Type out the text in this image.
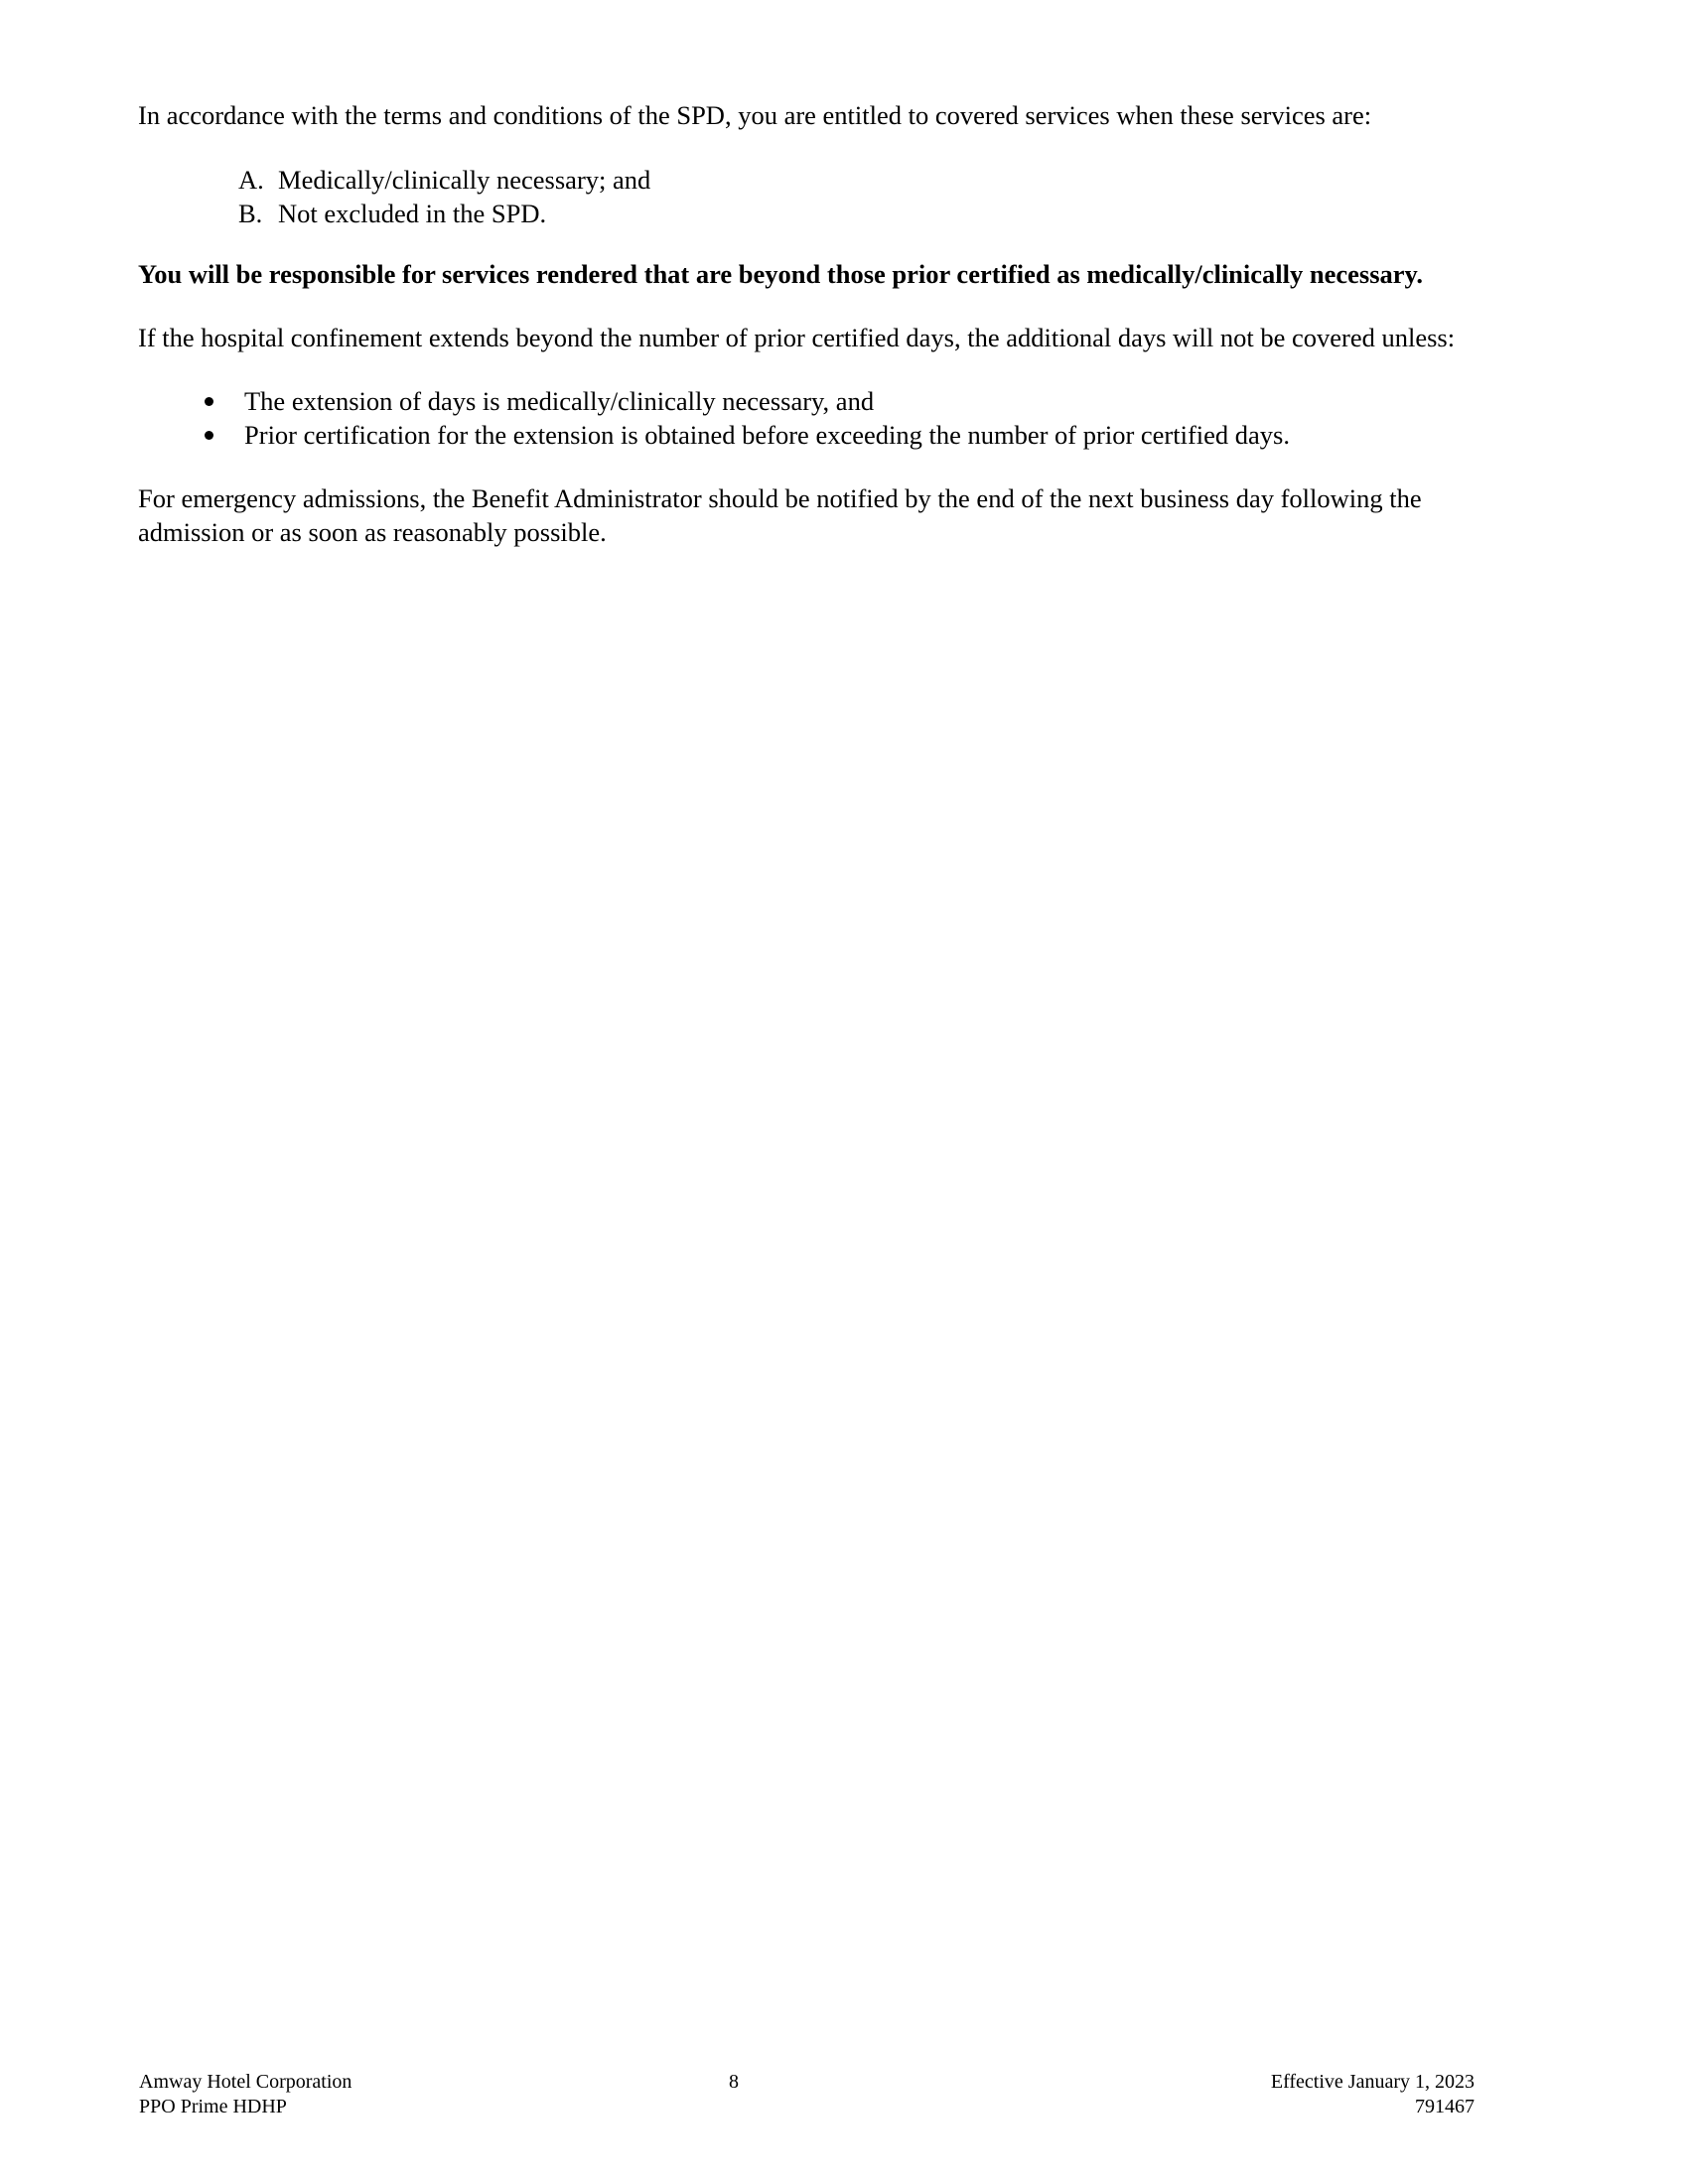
In accordance with the terms and conditions of the SPD, you are entitled to covered services when these services are:

A. Medically/clinically necessary; and
B. Not excluded in the SPD.

You will be responsible for services rendered that are beyond those prior certified as medically/clinically necessary.

If the hospital confinement extends beyond the number of prior certified days, the additional days will not be covered unless:

The extension of days is medically/clinically necessary, and
Prior certification for the extension is obtained before exceeding the number of prior certified days.
For emergency admissions, the Benefit Administrator should be notified by the end of the next business day following the
admission or as soon as reasonably possible.
Amway Hotel Corporation
PPO Prime HDHP
8	Effective January 1, 2023
791467
